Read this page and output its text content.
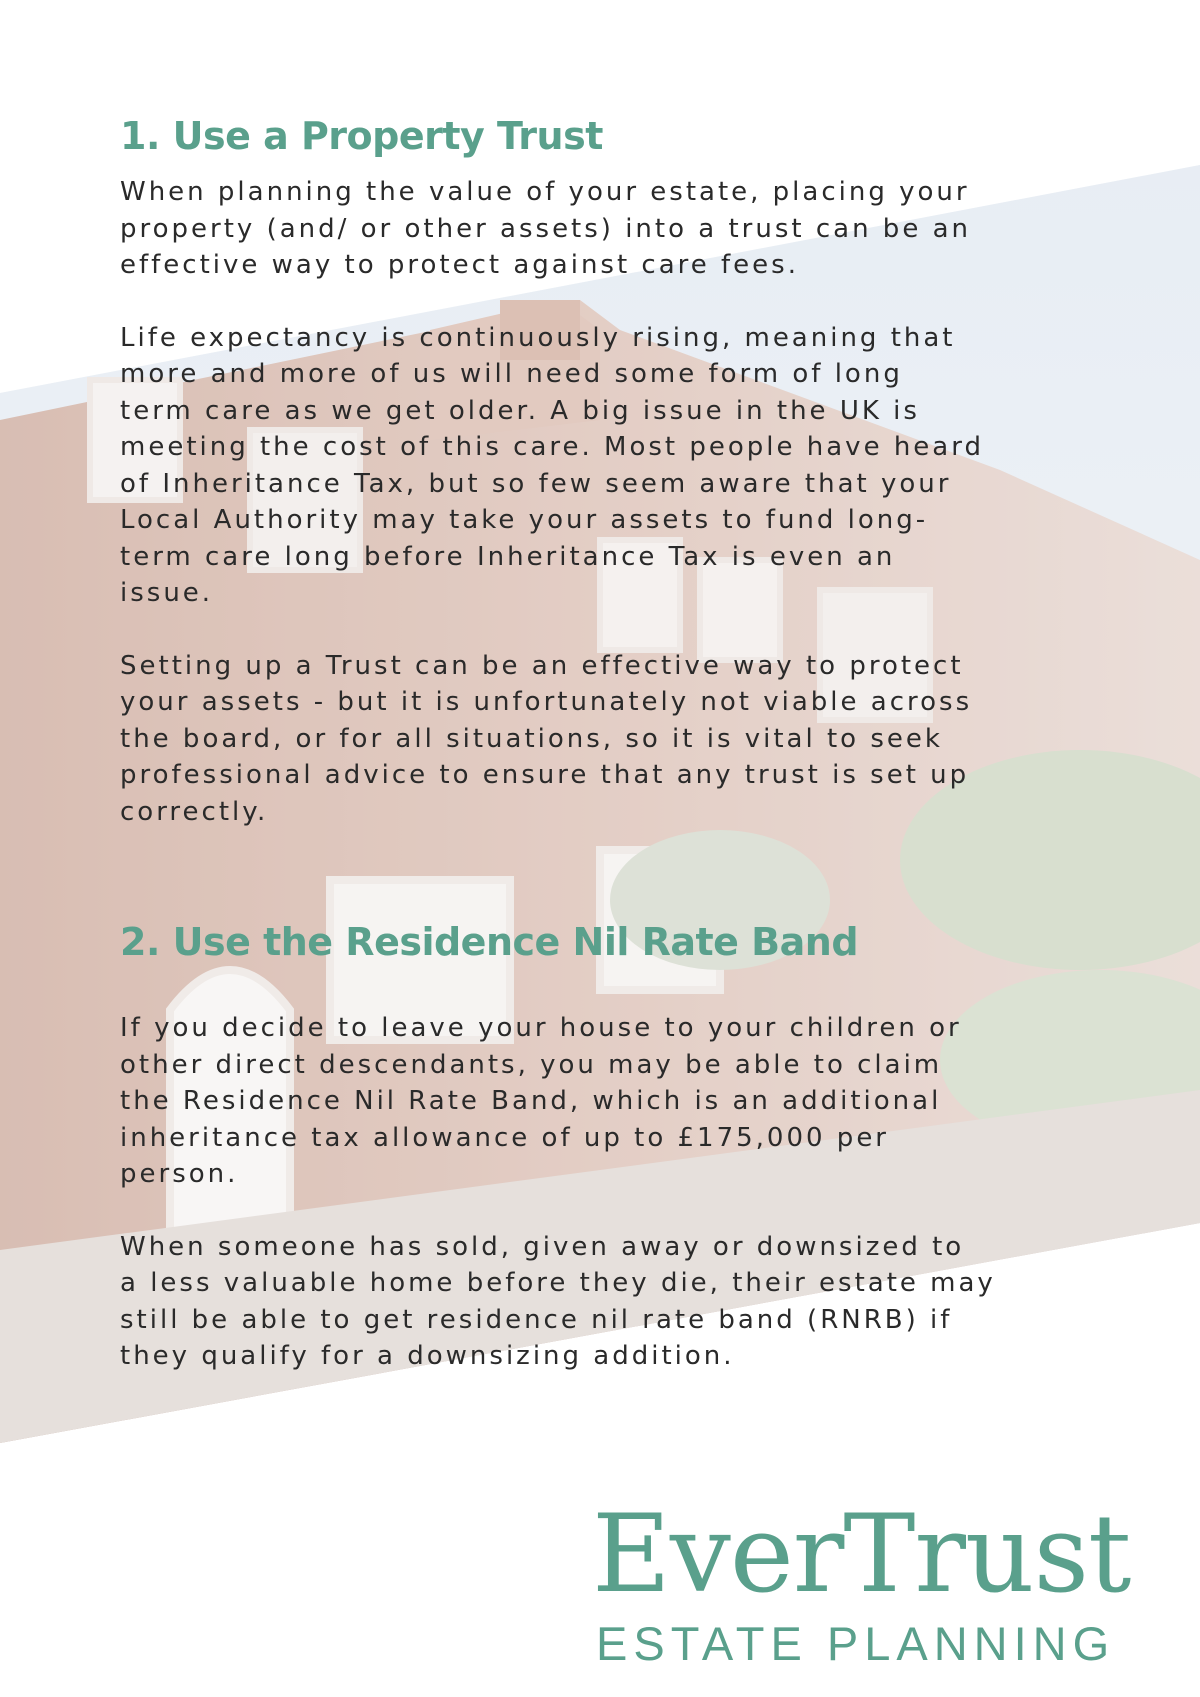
1. Use a Property Trust

When planning the value of your estate, placing your
property (and/ or other assets) into a trust can be an
effective way to protect against care fees.

Life expectancy is continuously rising, meaning that
more and more of us will need some form of long
term care as we get older. A big issue in the UK is
meeting the cost of this care. Most people have heard
of Inheritance Tax, but so few seem aware that your
Local Authority may take your assets to fund long-
term care long before Inheritance Tax is even an
issue.

Setting up a Trust can be an effective way to protect
your assets - but it is unfortunately not viable across
the board, or for all situations, so it is vital to seek
professional advice to ensure that any trust is set up
correctly.

2. Use the Residence Nil Rate Band

If you decide to leave your house to your children or
other direct descendants, you may be able to claim
the Residence Nil Rate Band, which is an additional
inheritance tax allowance of up to £175,000 per
person.

When someone has sold, given away or downsized to
a less valuable home before they die, their estate may
still be able to get residence nil rate band (RNRB) if
they qualify for a downsizing addition.

EverTrust
ESTATE PLANNING
